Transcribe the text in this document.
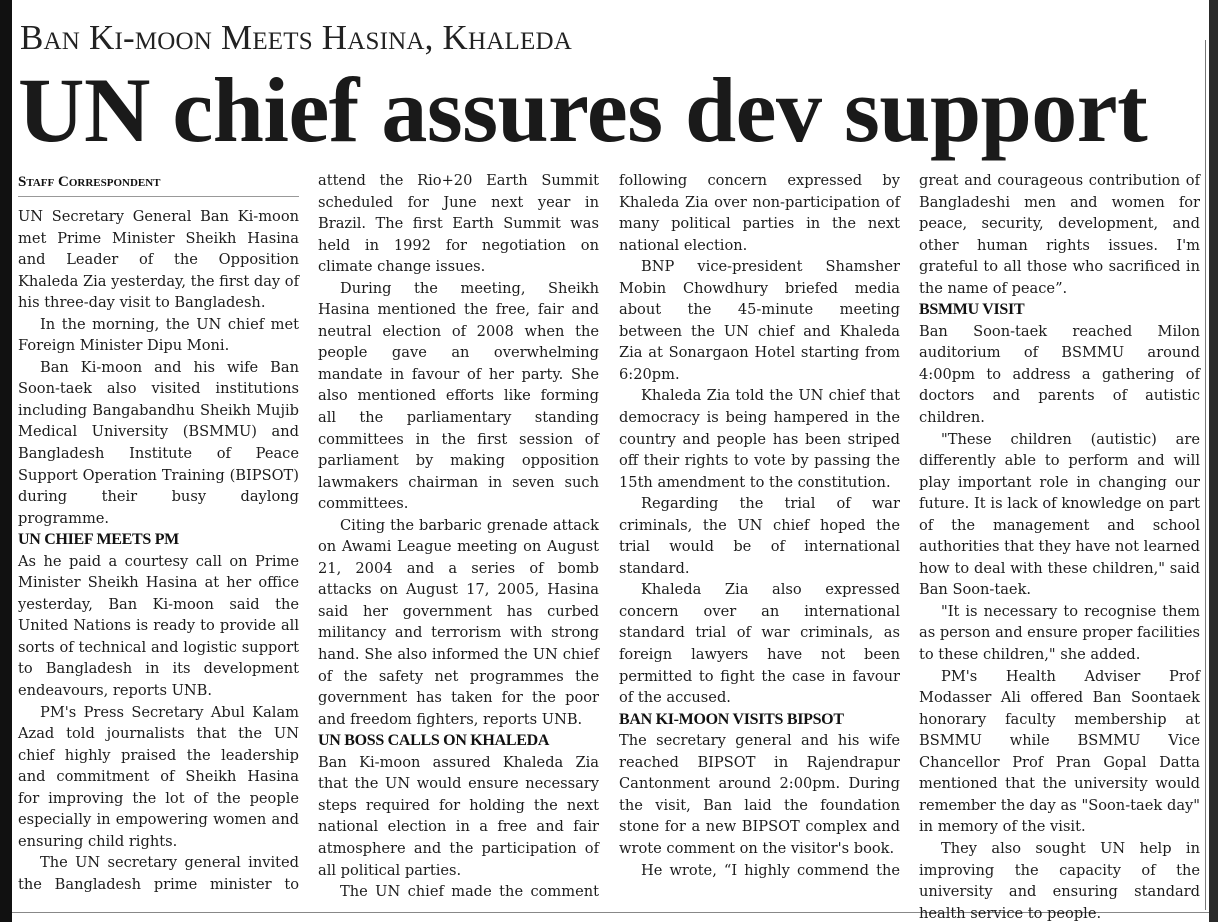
Ban Ki-moon Meets Hasina, Khaleda
UN chief assures dev support
Staff Correspondent

UN Secretary General Ban Ki-moon met Prime Minister Sheikh Hasina and Leader of the Opposition Khaleda Zia yesterday, the first day of his three-day visit to Bangladesh.

In the morning, the UN chief met Foreign Minister Dipu Moni.

Ban Ki-moon and his wife Ban Soon-taek also visited institutions including Bangabandhu Sheikh Mujib Medical University (BSMMU) and Bangladesh Institute of Peace Support Operation Training (BIPSOT) during their busy daylong programme.

UN CHIEF MEETS PM

As he paid a courtesy call on Prime Minister Sheikh Hasina at her office yesterday, Ban Ki-moon said the United Nations is ready to provide all sorts of technical and logistic support to Bangladesh in its development endeavours, reports UNB.

PM's Press Secretary Abul Kalam Azad told journalists that the UN chief highly praised the leadership and commitment of Sheikh Hasina for improving the lot of the people especially in empowering women and ensuring child rights.

The UN secretary general invited the Bangladesh prime minister to

attend the Rio+20 Earth Summit scheduled for June next year in Brazil. The first Earth Summit was held in 1992 for negotiation on climate change issues.

During the meeting, Sheikh Hasina mentioned the free, fair and neutral election of 2008 when the people gave an overwhelming mandate in favour of her party. She also mentioned efforts like forming all the parliamentary standing committees in the first session of parliament by making opposition lawmakers chairman in seven such committees.

Citing the barbaric grenade attack on Awami League meeting on August 21, 2004 and a series of bomb attacks on August 17, 2005, Hasina said her government has curbed militancy and terrorism with strong hand. She also informed the UN chief of the safety net programmes the government has taken for the poor and freedom fighters, reports UNB.

UN BOSS CALLS ON KHALEDA

Ban Ki-moon assured Khaleda Zia that the UN would ensure necessary steps required for holding the next national election in a free and fair atmosphere and the participation of all political parties.

The UN chief made the comment

following concern expressed by Khaleda Zia over non-participation of many political parties in the next national election.

BNP vice-president Shamsher Mobin Chowdhury briefed media about the 45-minute meeting between the UN chief and Khaleda Zia at Sonargaon Hotel starting from 6:20pm.

Khaleda Zia told the UN chief that democracy is being hampered in the country and people has been striped off their rights to vote by passing the 15th amendment to the constitution.

Regarding the trial of war criminals, the UN chief hoped the trial would be of international standard.

Khaleda Zia also expressed concern over an international standard trial of war criminals, as foreign lawyers have not been permitted to fight the case in favour of the accused.

BAN KI-MOON VISITS BIPSOT

The secretary general and his wife reached BIPSOT in Rajendrapur Cantonment around 2:00pm. During the visit, Ban laid the foundation stone for a new BIPSOT complex and wrote comment on the visitor's book.

He wrote, “I highly commend the

great and courageous contribution of Bangladeshi men and women for peace, security, development, and other human rights issues. I'm grateful to all those who sacrificed in the name of peace”.

BSMMU VISIT

Ban Soon-taek reached Milon auditorium of BSMMU around 4:00pm to address a gathering of doctors and parents of autistic children.

"These children (autistic) are differently able to perform and will play important role in changing our future. It is lack of knowledge on part of the management and school authorities that they have not learned how to deal with these children," said Ban Soon-taek.

"It is necessary to recognise them as person and ensure proper facilities to these children," she added.

PM's Health Adviser Prof Modasser Ali offered Ban Soontaek honorary faculty membership at BSMMU while BSMMU Vice Chancellor Prof Pran Gopal Datta mentioned that the university would remember the day as "Soon-taek day" in memory of the visit.

They also sought UN help in improving the capacity of the university and ensuring standard health service to people.
